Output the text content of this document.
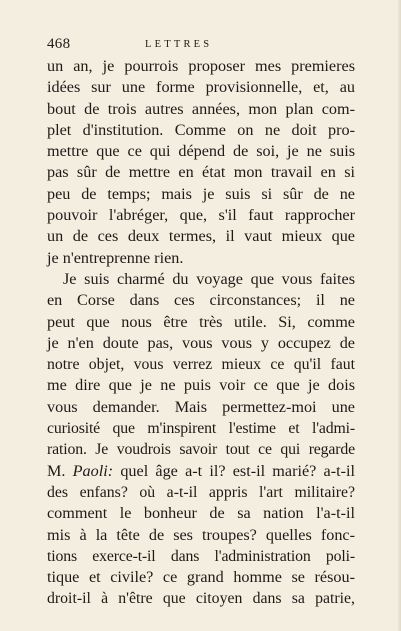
468	LETTRES
un an, je pourrois proposer mes premieres
idées sur une forme provisionnelle, et, au
bout de trois autres années, mon plan com-
plet d'institution. Comme on ne doit pro-
mettre que ce qui dépend de soi, je ne suis
pas sûr de mettre en état mon travail en si
peu de temps; mais je suis si sûr de ne
pouvoir l'abréger, que, s'il faut rapprocher
un de ces deux termes, il vaut mieux que
je n'entreprenne rien.
Je suis charmé du voyage que vous faites
en Corse dans ces circonstances; il ne
peut que nous être très utile. Si, comme
je n'en doute pas, vous vous y occupez de
notre objet, vous verrez mieux ce qu'il faut
me dire que je ne puis voir ce que je dois
vous demander. Mais permettez-moi une
curiosité que m'inspirent l'estime et l'admi-
ration. Je voudrois savoir tout ce qui regarde
M. Paoli: quel âge a-t il? est-il marié? a-t-il
des enfans? où a-t-il appris l'art militaire?
comment le bonheur de sa nation l'a-t-il
mis à la tête de ses troupes? quelles fonc-
tions exerce-t-il dans l'administration poli-
tique et civile? ce grand homme se résou-
droit-il à n'être que citoyen dans sa patrie,
